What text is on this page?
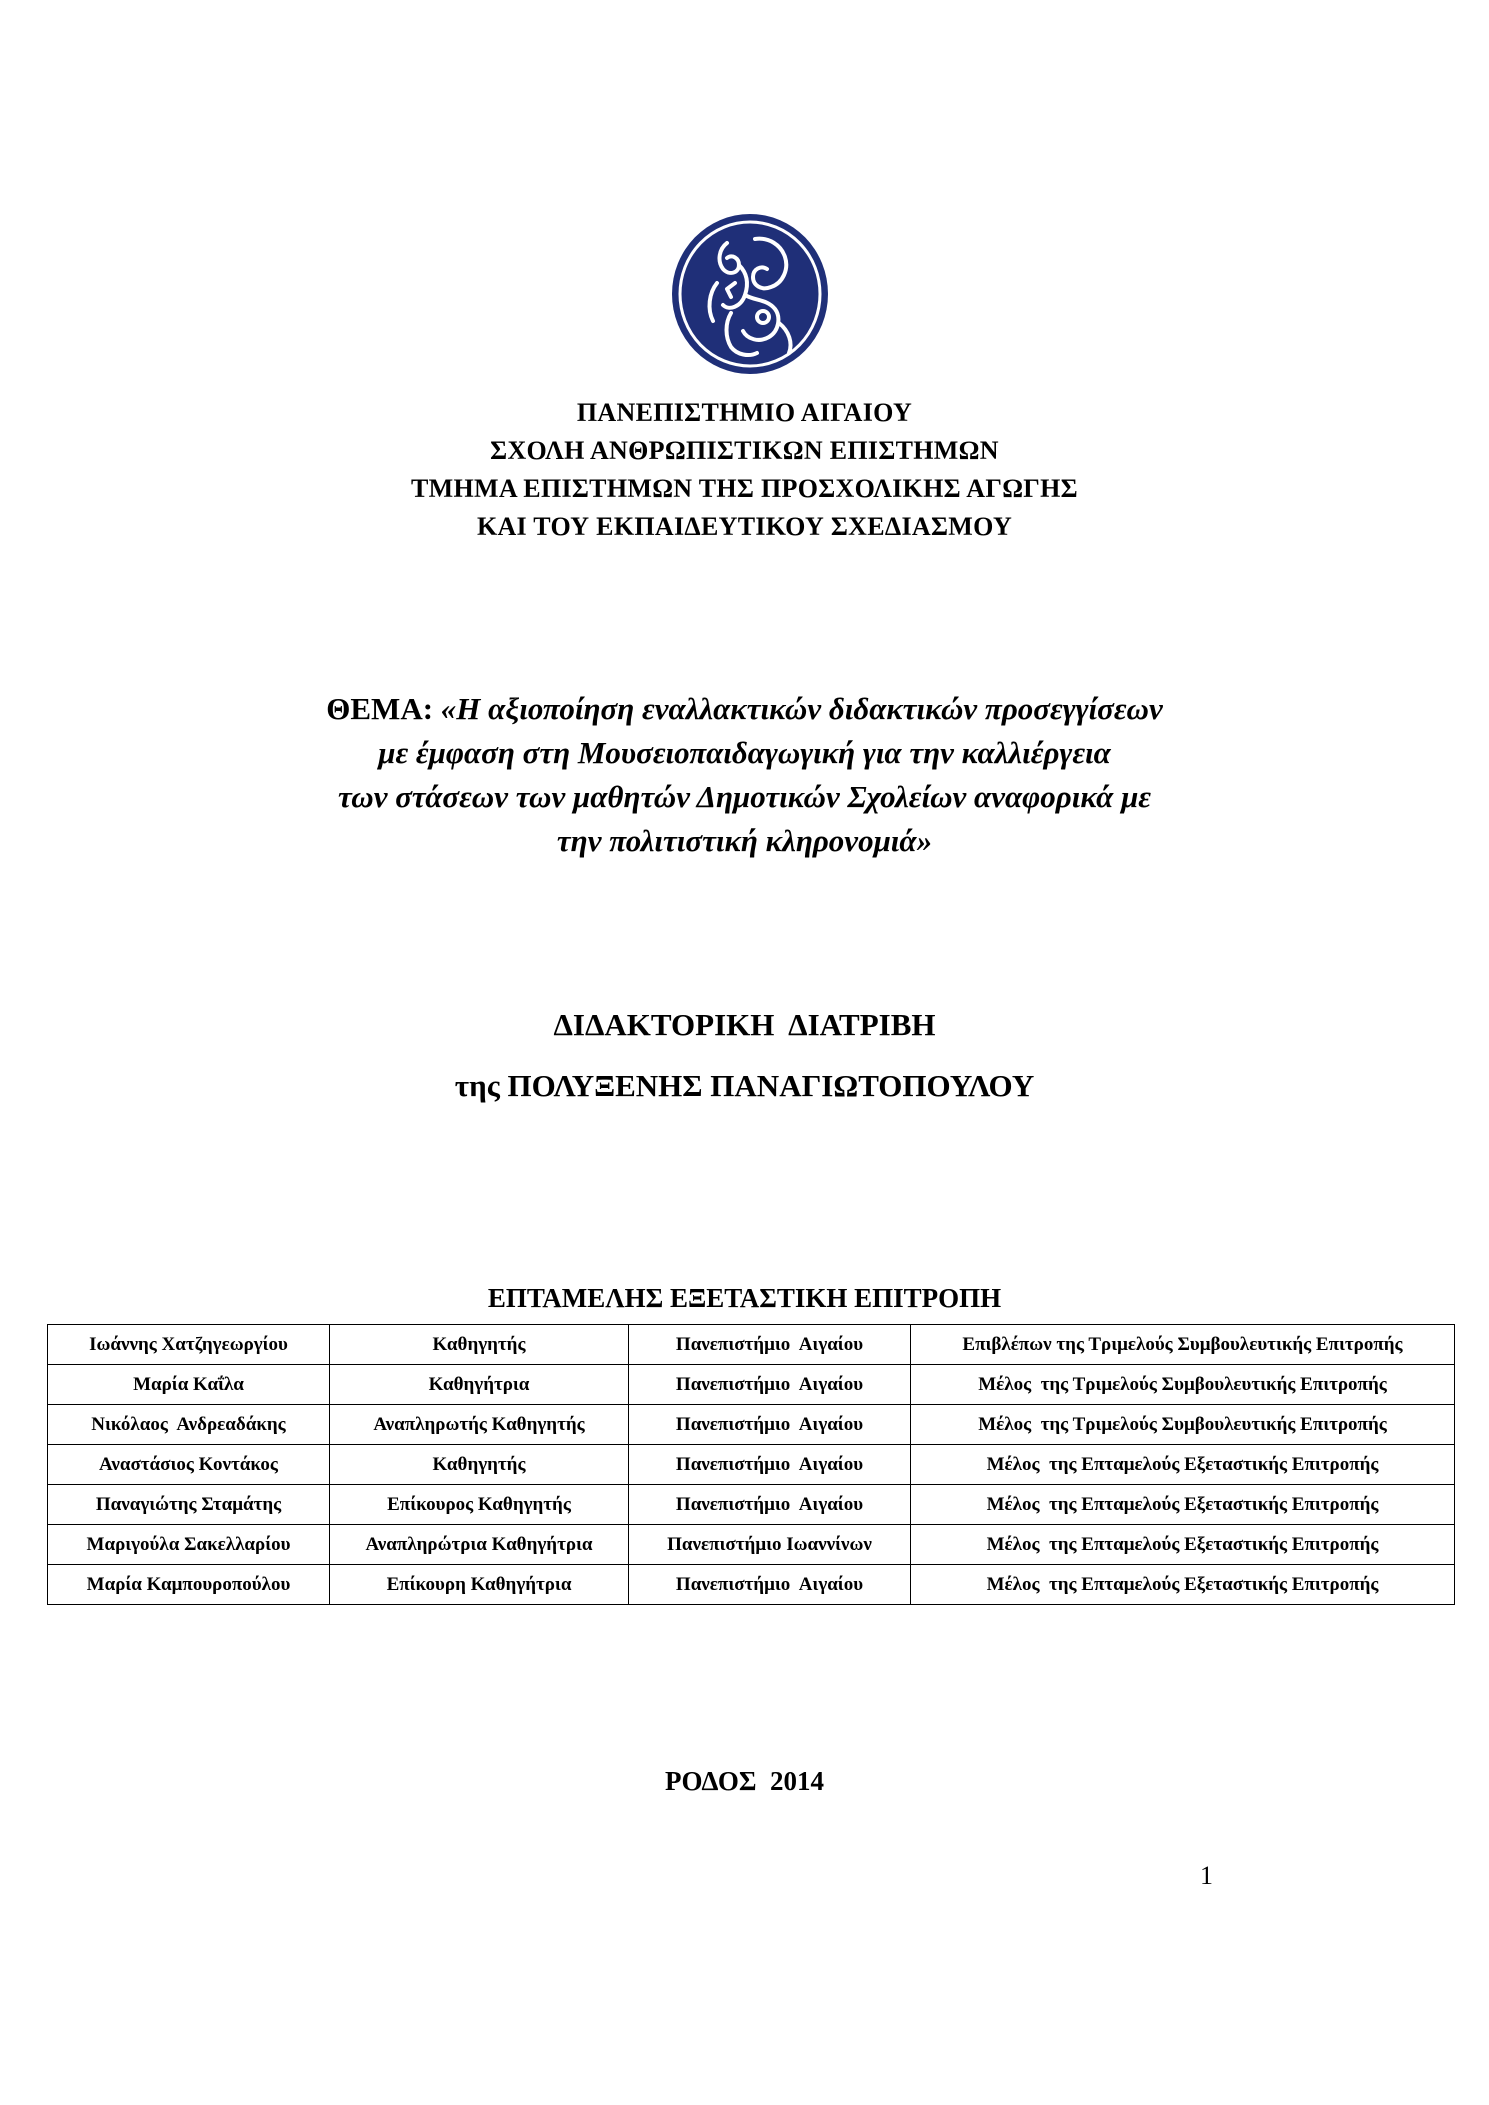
ΠΑΝΕΠΙΣΤΗΜΙΟ ΑΙΓΑΙΟΥ
ΣΧΟΛΗ ΑΝΘΡΩΠΙΣΤΙΚΩΝ ΕΠΙΣΤΗΜΩΝ
ΤΜΗΜΑ ΕΠΙΣΤΗΜΩΝ ΤΗΣ ΠΡΟΣΧΟΛΙΚΗΣ ΑΓΩΓΗΣ
ΚΑΙ ΤΟΥ ΕΚΠΑΙΔΕΥΤΙΚΟΥ ΣΧΕΔΙΑΣΜΟΥ
ΘΕΜΑ: «Η αξιοποίηση εναλλακτικών διδακτικών προσεγγίσεων
με έμφαση στη Μουσειοπαιδαγωγική για την καλλιέργεια
των στάσεων των μαθητών Δημοτικών Σχολείων αναφορικά με
την πολιτιστική κληρονομιά»
ΔΙΔΑΚΤΟΡΙΚΗ  ΔΙΑΤΡΙΒΗ
της ΠΟΛΥΞΕΝΗΣ ΠΑΝΑΓΙΩΤΟΠΟΥΛΟΥ
ΕΠΤΑΜΕΛΗΣ ΕΞΕΤΑΣΤΙΚΗ ΕΠΙΤΡΟΠΗ
Ιωάννης Χατζηγεωργίου	Καθηγητής	Πανεπιστήμιο  Αιγαίου	Επιβλέπων της Τριμελούς Συμβουλευτικής Επιτροπής
Μαρία Καΐλα	Καθηγήτρια	Πανεπιστήμιο  Αιγαίου	Μέλος  της Τριμελούς Συμβουλευτικής Επιτροπής
Νικόλαος  Ανδρεαδάκης	Αναπληρωτής Καθηγητής	Πανεπιστήμιο  Αιγαίου	Μέλος  της Τριμελούς Συμβουλευτικής Επιτροπής
Αναστάσιος Κοντάκος	Καθηγητής	Πανεπιστήμιο  Αιγαίου	Μέλος  της Επταμελούς Εξεταστικής Επιτροπής
Παναγιώτης Σταμάτης	Επίκουρος Καθηγητής	Πανεπιστήμιο  Αιγαίου	Μέλος  της Επταμελούς Εξεταστικής Επιτροπής
Μαριγούλα Σακελλαρίου	Αναπληρώτρια Καθηγήτρια	Πανεπιστήμιο Ιωαννίνων	Μέλος  της Επταμελούς Εξεταστικής Επιτροπής
Μαρία Καμπουροπούλου	Επίκουρη Καθηγήτρια	Πανεπιστήμιο  Αιγαίου	Μέλος  της Επταμελούς Εξεταστικής Επιτροπής
ΡΟΔΟΣ  2014
1
